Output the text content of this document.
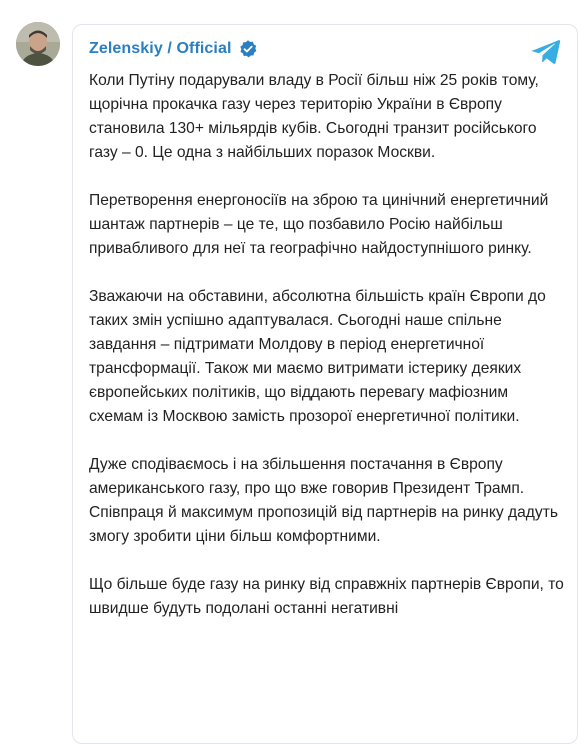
Zelenskiy / Official

Коли Путіну подарували владу в Росії більш ніж 25 років тому, щорічна прокачка газу через територію України в Європу становила 130+ мільярдів кубів. Сьогодні транзит російського газу – 0. Це одна з найбільших поразок Москви.

Перетворення енергоносіїв на зброю та цинічний енергетичний шантаж партнерів – це те, що позбавило Росію найбільш привабливого для неї та географічно найдоступнішого ринку.

Зважаючи на обставини, абсолютна більшість країн Європи до таких змін успішно адаптувалася. Сьогодні наше спільне завдання – підтримати Молдову в період енергетичної трансформації. Також ми маємо витримати істерику деяких європейських політиків, що віддають перевагу мафіозним схемам із Москвою замість прозорої енергетичної політики.

Дуже сподіваємось і на збільшення постачання в Європу американського газу, про що вже говорив Президент Трамп. Співпраця й максимум пропозицій від партнерів на ринку дадуть змогу зробити ціни більш комфортними.

Що більше буде газу на ринку від справжніх партнерів Європи, то швидше будуть подолані останні негативні
